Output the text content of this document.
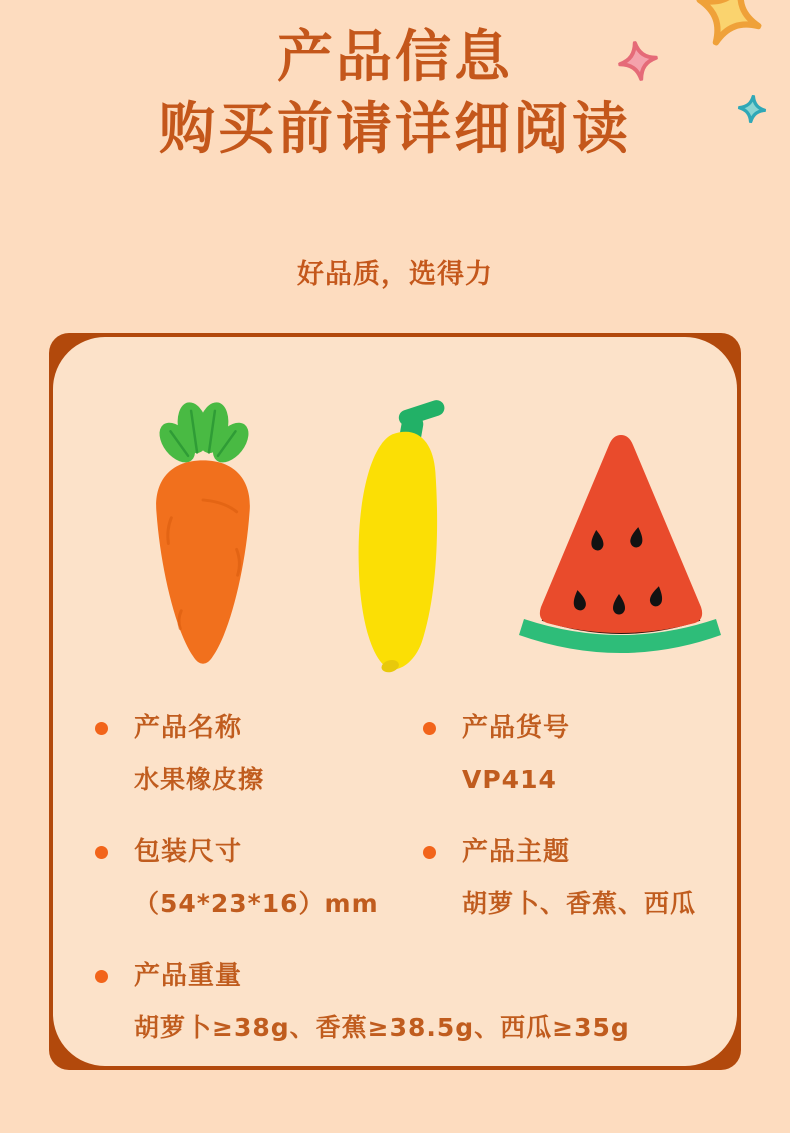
产品信息
购买前请详细阅读
好品质，选得力
产品名称
水果橡皮擦
产品货号
VP414
包装尺寸
（54*23*16）mm
产品主题
胡萝卜、香蕉、西瓜
产品重量
胡萝卜≥38g、香蕉≥38.5g、西瓜≥35g
